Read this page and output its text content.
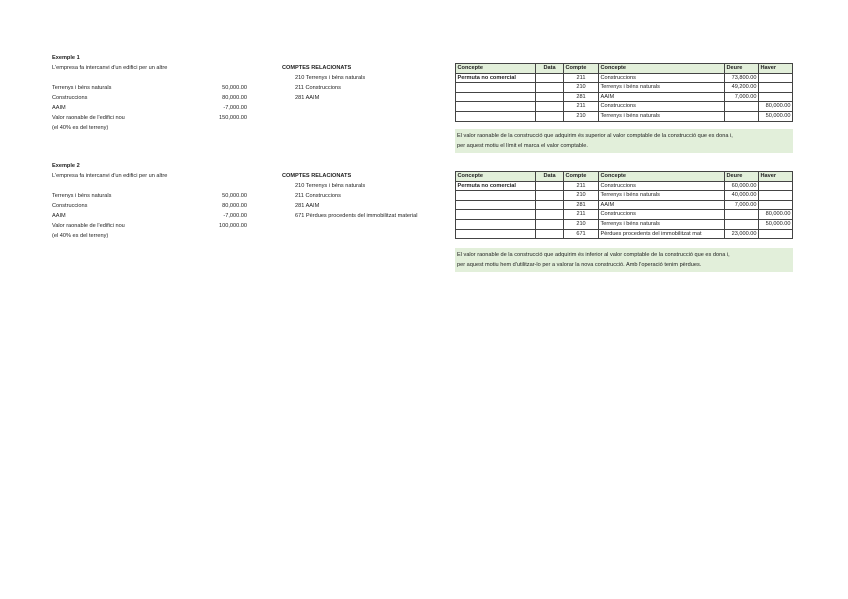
Exemple 1
L'empresa fa intercanvi d'un edifici per un altre
Terrenys i béns naturals	50,000.00
Construccions	80,000.00
AAIM	-7,000.00
Valor raonable de l'edifici nou	150,000.00
(el 40% es del terreny)
COMPTES RELACIONATS
210 Terrenys i béns naturals
211 Construccions
281 AAIM
Concepte	Data	Compte	Concepte	Deure	Haver
Permuta no comercial		211	Construccions	73,800.00	
		210	Terrenys i béns naturals	49,200.00	
		281	AAIM	7,000.00	
		211	Construccions		80,000.00
		210	Terrenys i béns naturals		50,000.00
El valor raonable de la construcció que adquirim és superior al valor comptable de la construcció que es dona i,
per aquest motiu el límit el marca el valor comptable.
Exemple 2
L'empresa fa intercanvi d'un edifici per un altre
Terrenys i béns naturals	50,000.00
Construccions	80,000.00
AAIM	-7,000.00
Valor raonable de l'edifici nou	100,000.00
(el 40% es del terreny)
COMPTES RELACIONATS
210 Terrenys i béns naturals
211 Construccions
281 AAIM
671 Pèrdues procedents del immobilitzat material
Concepte	Data	Compte	Concepte	Deure	Haver
Permuta no comercial		211	Construccions	60,000.00	
		210	Terrenys i béns naturals	40,000.00	
		281	AAIM	7,000.00	
		211	Construccions		80,000.00
		210	Terrenys i béns naturals		50,000.00
		671	Pèrdues procedents del immobilitzat mat	23,000.00	
El valor raonable de la construcció que adquirim és inferior al valor comptable de la construcció que es dona i,
per aquest motiu hem d'utilitzar-lo per a valorar la nova construcció. Amb l'operació tenim pèrdues.
